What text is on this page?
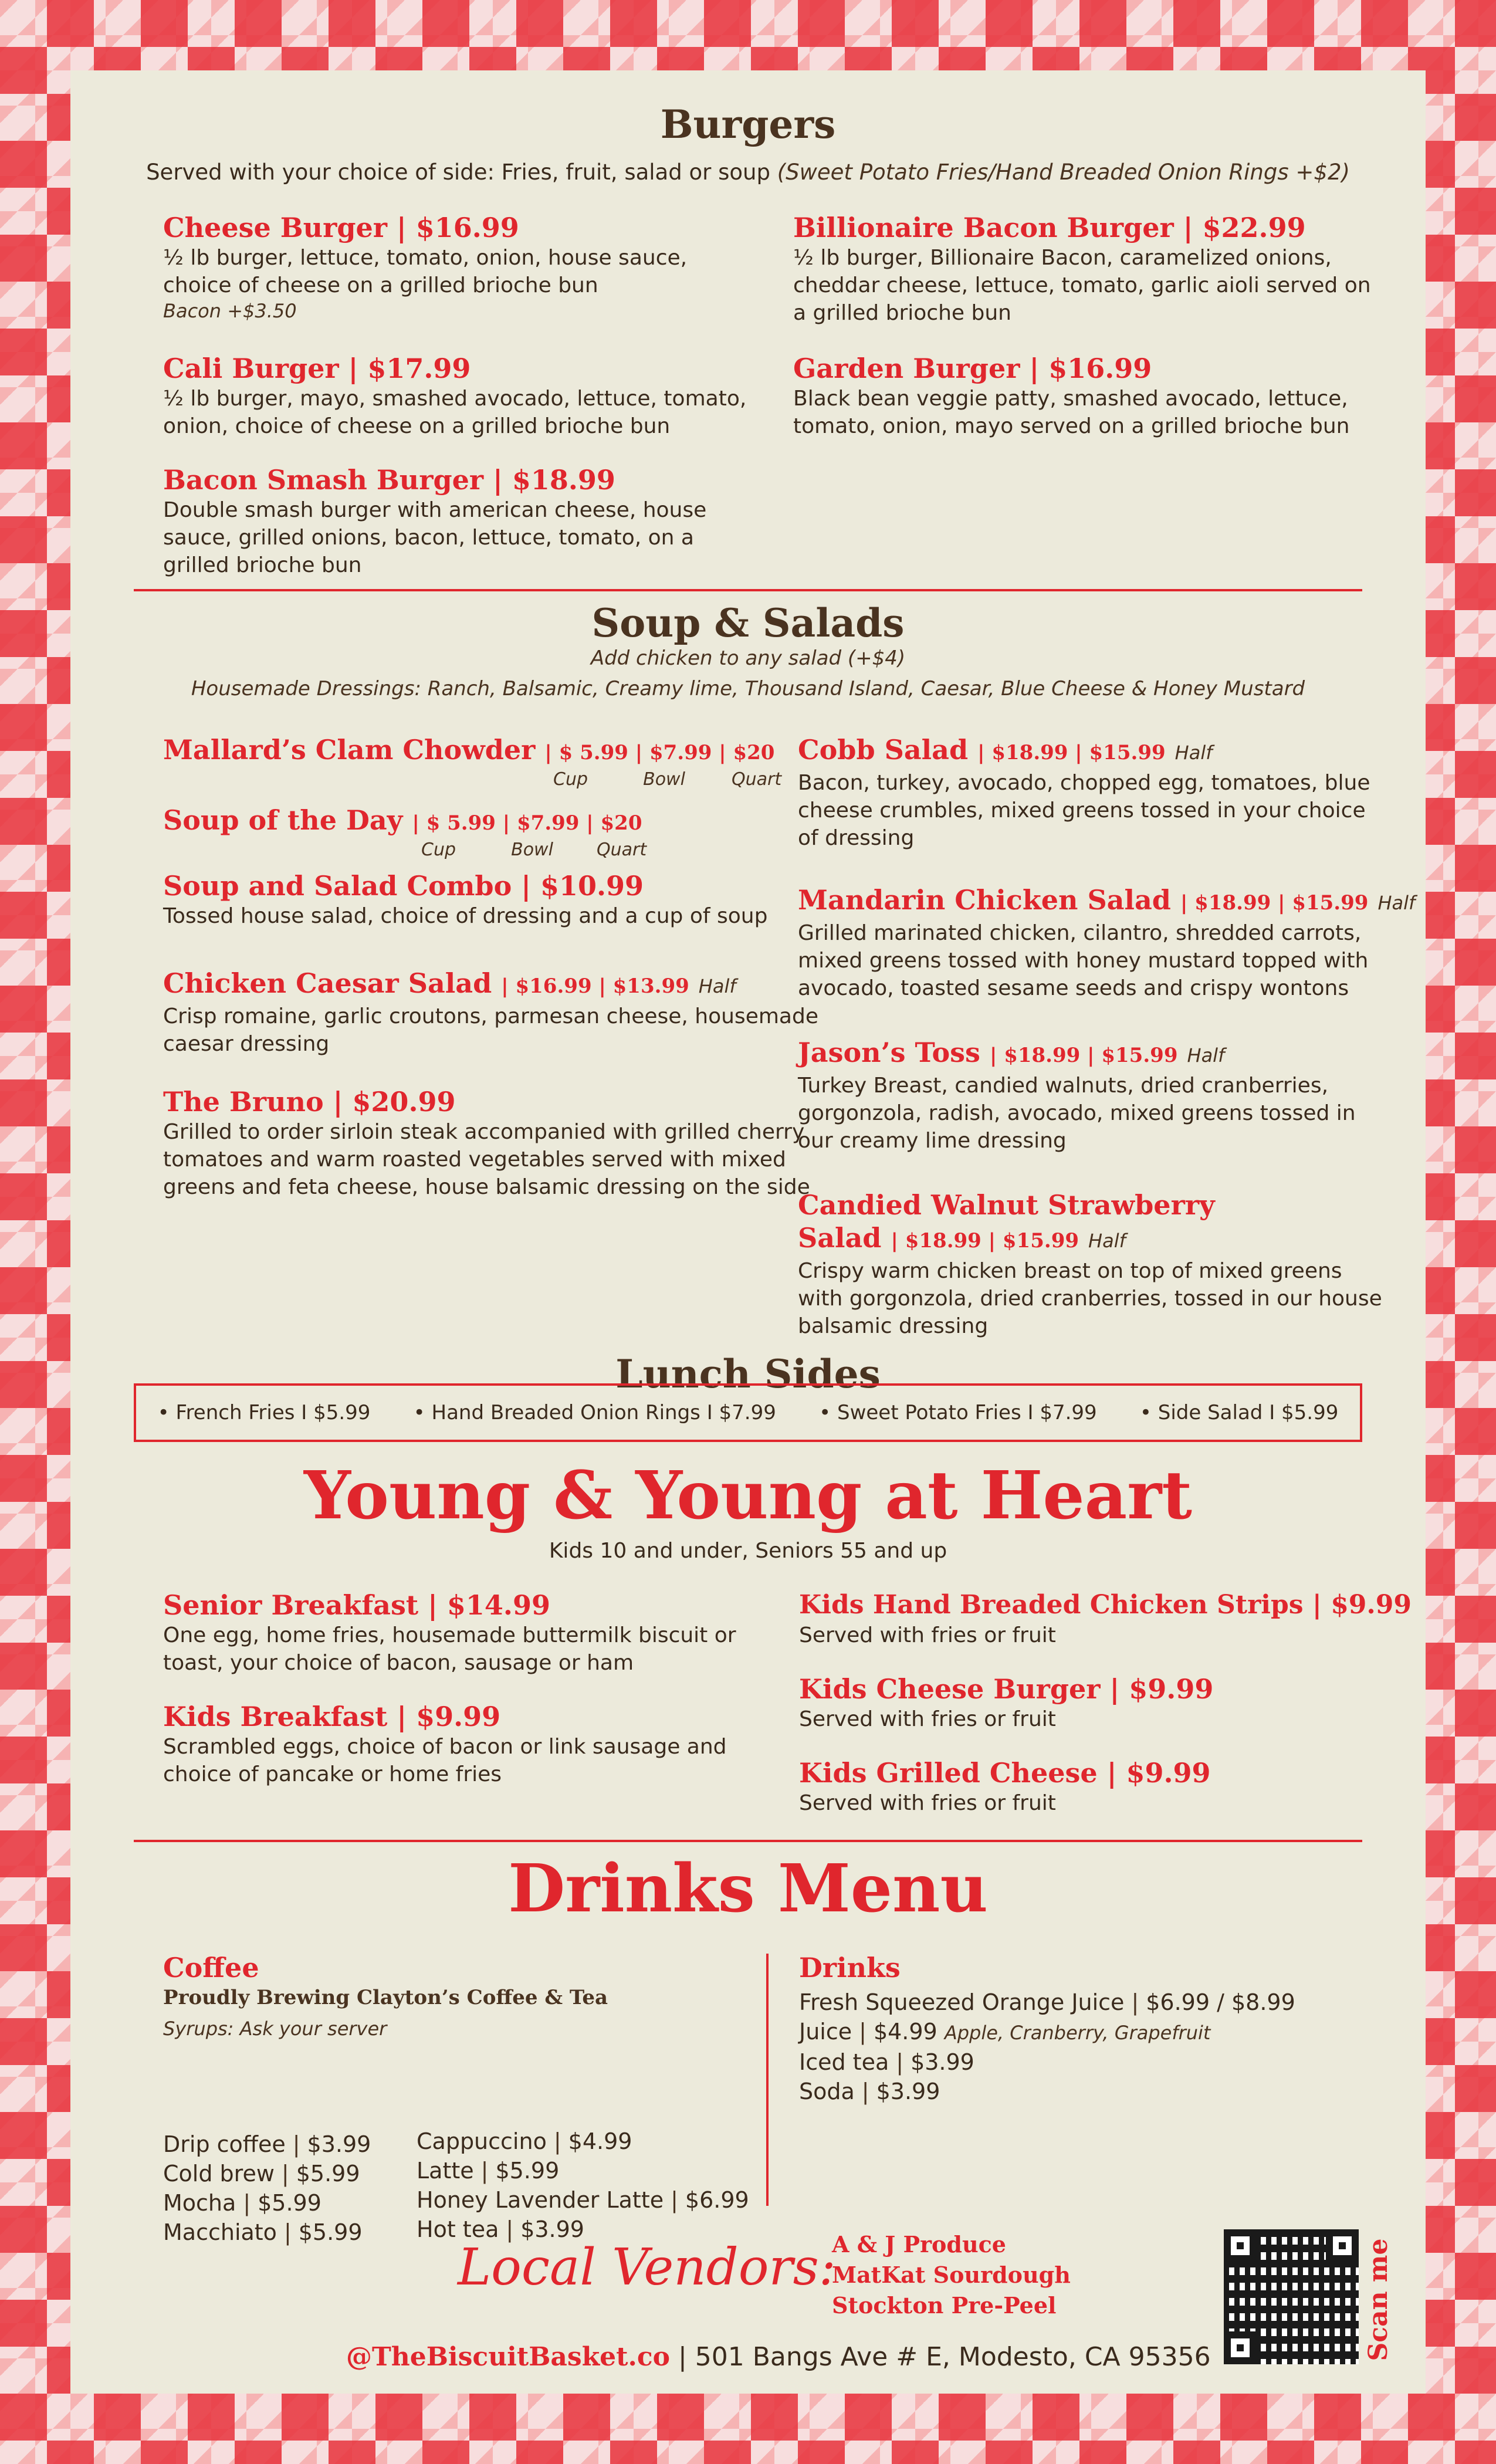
Burgers
Served with your choice of side: Fries, fruit, salad or soup (Sweet Potato Fries/Hand Breaded Onion Rings +$2)
Cheese Burger | $16.99
½ lb burger, lettuce, tomato, onion, house sauce, choice of cheese on a grilled brioche bun
Bacon +$3.50
Cali Burger | $17.99
½ lb burger, mayo, smashed avocado, lettuce, tomato, onion, choice of cheese on a grilled brioche bun
Bacon Smash Burger | $18.99
Double smash burger with american cheese, house sauce, grilled onions, bacon, lettuce, tomato, on a grilled brioche bun
Billionaire Bacon Burger | $22.99
½ lb burger, Billionaire Bacon, caramelized onions, cheddar cheese, lettuce, tomato, garlic aioli served on a grilled brioche bun
Garden Burger | $16.99
Black bean veggie patty, smashed avocado, lettuce, tomato, onion, mayo served on a grilled brioche bun
Soup & Salads
Add chicken to any salad (+$4)
Housemade Dressings: Ranch, Balsamic, Creamy lime, Thousand Island, Caesar, Blue Cheese & Honey Mustard
Mallard’s Clam Chowder | $ 5.99 | $7.99 | $20
Cup	Bowl	Quart
Soup of the Day | $ 5.99 | $7.99 | $20
Cup	Bowl Quart
Soup and Salad Combo | $10.99
Tossed house salad, choice of dressing and a cup of soup
Chicken Caesar Salad | $16.99 | $13.99 Half
Crisp romaine, garlic croutons, parmesan cheese, housemade caesar dressing
The Bruno | $20.99
Grilled to order sirloin steak accompanied with grilled cherry tomatoes and warm roasted vegetables served with mixed greens and feta cheese, house balsamic dressing on the side
Cobb Salad | $18.99 | $15.99 Half
Bacon, turkey, avocado, chopped egg, tomatoes, blue cheese crumbles, mixed greens tossed in your choice of dressing
Mandarin Chicken Salad | $18.99 | $15.99 Half
Grilled marinated chicken, cilantro, shredded carrots, mixed greens tossed with honey mustard topped with avocado, toasted sesame seeds and crispy wontons
Jason’s Toss | $18.99 | $15.99 Half
Turkey Breast, candied walnuts, dried cranberries, gorgonzola, radish, avocado, mixed greens tossed in our creamy lime dressing
Candied Walnut Strawberry
Salad | $18.99 | $15.99 Half
Crispy warm chicken breast on top of mixed greens with gorgonzola, dried cranberries, tossed in our house balsamic dressing
Lunch Sides
• French Fries I $5.99 • Hand Breaded Onion Rings I $7.99 • Sweet Potato Fries I $7.99 • Side Salad I $5.99
Young & Young at Heart
Kids 10 and under, Seniors 55 and up
Senior Breakfast | $14.99
One egg, home fries, housemade buttermilk biscuit or toast, your choice of bacon, sausage or ham
Kids Breakfast | $9.99
Scrambled eggs, choice of bacon or link sausage and choice of pancake or home fries
Kids Hand Breaded Chicken Strips | $9.99
Served with fries or fruit
Kids Cheese Burger | $9.99
Served with fries or fruit
Kids Grilled Cheese | $9.99
Served with fries or fruit
Drinks Menu
Coffee
Proudly Brewing Clayton’s Coffee & Tea
Syrups: Ask your server
Drip coffee | $3.99
Cold brew | $5.99
Mocha | $5.99
Macchiato | $5.99
Cappuccino | $4.99
Latte | $5.99
Honey Lavender Latte | $6.99
Hot tea | $3.99
Drinks
Fresh Squeezed Orange Juice | $6.99 / $8.99
Juice | $4.99 Apple, Cranberry, Grapefruit
Iced tea | $3.99
Soda | $3.99
Local Vendors:
A & J Produce
MatKat Sourdough
Stockton Pre-Peel
@TheBiscuitBasket.co | 501 Bangs Ave # E, Modesto, CA 95356	Scan me
